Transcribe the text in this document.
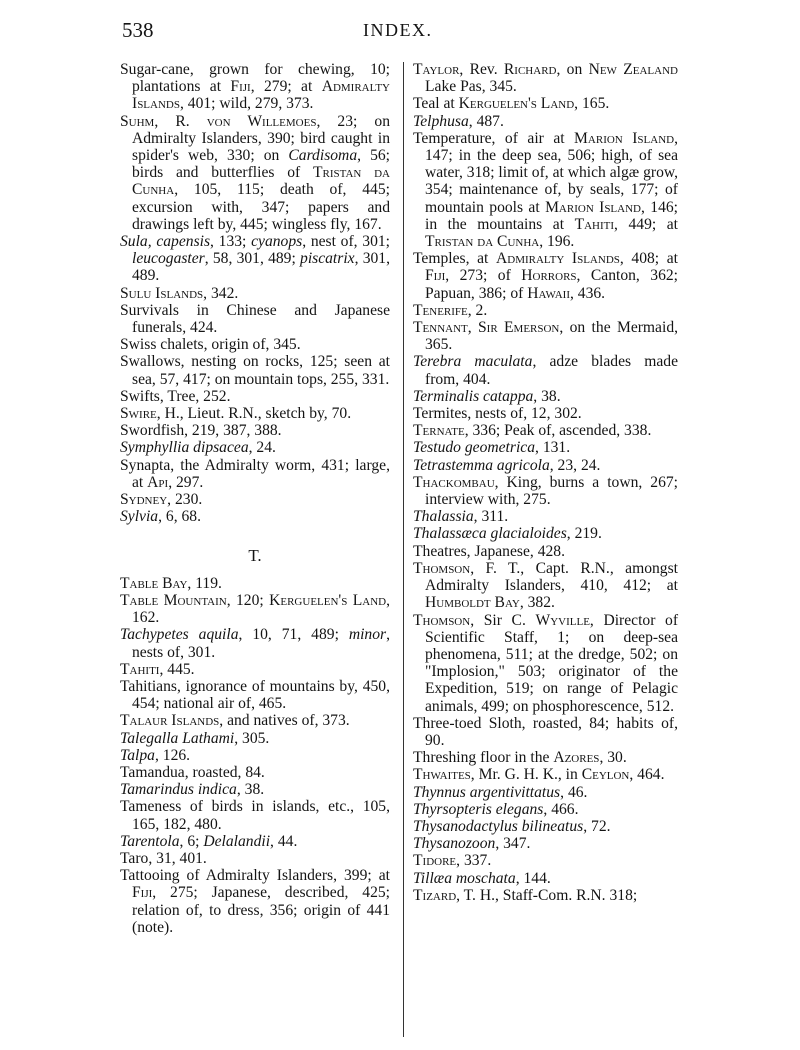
538	INDEX.

Sugar-cane, grown for chewing, 10; plantations at Fiji, 279; at Admiralty Islands, 401; wild, 279, 373.

Suhm, R. von Willemoes, 23; on Admiralty Islanders, 390; bird caught in spider's web, 330; on Cardisoma, 56; birds and butterflies of Tristan da Cunha, 105, 115; death of, 445; excursion with, 347; papers and drawings left by, 445; wingless fly, 167.

Sula, capensis, 133; cyanops, nest of, 301; leucogaster, 58, 301, 489; piscatrix, 301, 489.

Sulu Islands, 342.

Survivals in Chinese and Japanese funerals, 424.

Swiss chalets, origin of, 345.

Swallows, nesting on rocks, 125; seen at sea, 57, 417; on mountain tops, 255, 331.

Swifts, Tree, 252.

Swire, H., Lieut. R.N., sketch by, 70.

Swordfish, 219, 387, 388.

Symphyllia dipsacea, 24.

Synapta, the Admiralty worm, 431; large, at Api, 297.

Sydney, 230.

Sylvia, 6, 68.

T.

Table Bay, 119.

Table Mountain, 120; Kerguelen's Land, 162.

Tachypetes aquila, 10, 71, 489; minor, nests of, 301.

Tahiti, 445.

Tahitians, ignorance of mountains by, 450, 454; national air of, 465.

Talaur Islands, and natives of, 373.

Talegalla Lathami, 305.

Talpa, 126.

Tamandua, roasted, 84.

Tamarindus indica, 38.

Tameness of birds in islands, etc., 105, 165, 182, 480.

Tarentola, 6; Delalandii, 44.

Taro, 31, 401.

Tattooing of Admiralty Islanders, 399; at Fiji, 275; Japanese, described, 425; relation of, to dress, 356; origin of 441 (note).

Taylor, Rev. Richard, on New Zealand Lake Pas, 345.

Teal at Kerguelen's Land, 165.

Telphusa, 487.

Temperature, of air at Marion Island, 147; in the deep sea, 506; high, of sea water, 318; limit of, at which algæ grow, 354; maintenance of, by seals, 177; of mountain pools at Marion Island, 146; in the mountains at Tahiti, 449; at Tristan da Cunha, 196.

Temples, at Admiralty Islands, 408; at Fiji, 273; of Horrors, Canton, 362; Papuan, 386; of Hawaii, 436.

Tenerife, 2.

Tennant, Sir Emerson, on the Mermaid, 365.

Terebra maculata, adze blades made from, 404.

Terminalis catappa, 38.

Termites, nests of, 12, 302.

Ternate, 336; Peak of, ascended, 338.

Testudo geometrica, 131.

Tetrastemma agricola, 23, 24.

Thackombau, King, burns a town, 267; interview with, 275.

Thalassia, 311.

Thalassæca glacialoides, 219.

Theatres, Japanese, 428.

Thomson, F. T., Capt. R.N., amongst Admiralty Islanders, 410, 412; at Humboldt Bay, 382.

Thomson, Sir C. Wyville, Director of Scientific Staff, 1; on deep-sea phenomena, 511; at the dredge, 502; on "Implosion," 503; originator of the Expedition, 519; on range of Pelagic animals, 499; on phosphorescence, 512.

Three-toed Sloth, roasted, 84; habits of, 90.

Threshing floor in the Azores, 30.

Thwaites, Mr. G. H. K., in Ceylon, 464.

Thynnus argentivittatus, 46.

Thyrsopteris elegans, 466.

Thysanodactylus bilineatus, 72.

Thysanozoon, 347.

Tidore, 337.

Tillæa moschata, 144.

Tizard, T. H., Staff-Com. R.N. 318;
